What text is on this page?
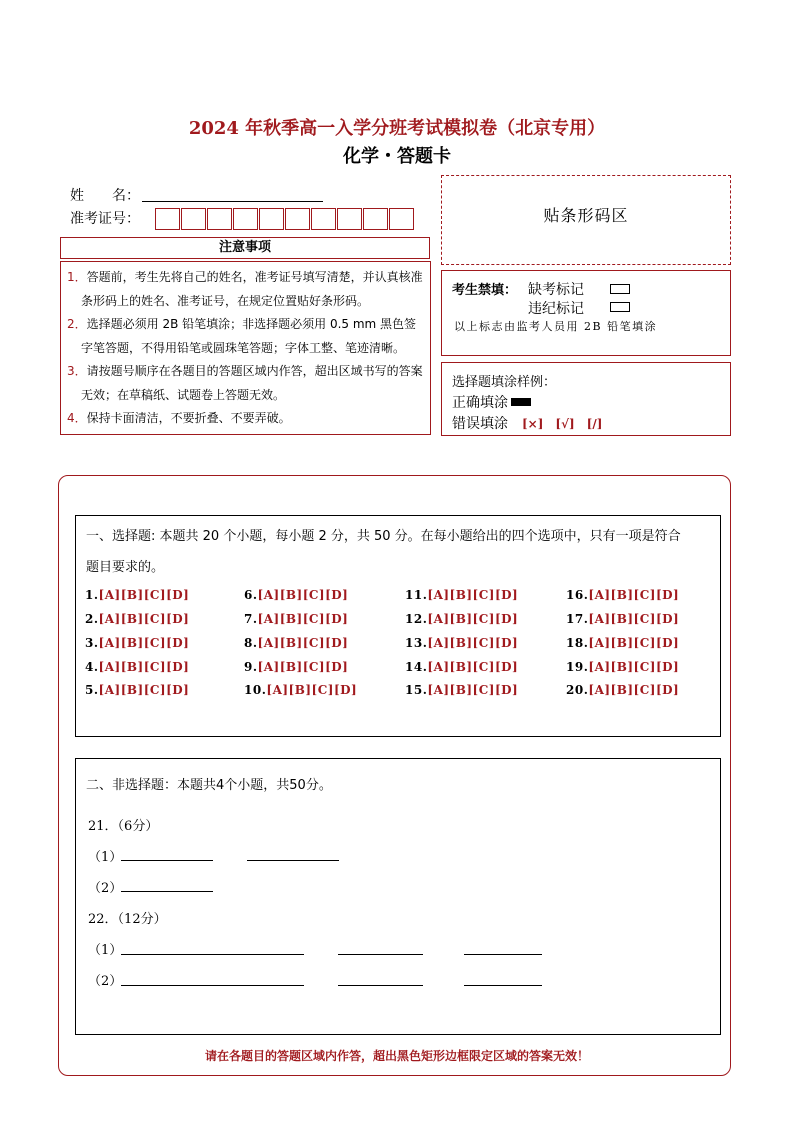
2024 年秋季高一入学分班考试模拟卷（北京专用）
化学・答题卡
姓　　名：
准考证号：
注意事项
1．答题前，考生先将自己的姓名，准考证号填写清楚，并认真核准条形码上的姓名、准考证号，在规定位置贴好条形码。
2．选择题必须用 2B 铅笔填涂；非选择题必须用 0.5 mm 黑色签字笔答题，不得用铅笔或圆珠笔答题；字体工整、笔迹清晰。
3．请按题号顺序在各题目的答题区域内作答，超出区域书写的答案无效；在草稿纸、试题卷上答题无效。
4．保持卡面清洁，不要折叠、不要弄破。
贴条形码区
考生禁填： 缺考标记
违纪标记
以上标志由监考人员用 2B 铅笔填涂
选择题填涂样例：
正确填涂
错误填涂 [×]　[√]　[/]
一、选择题: 本题共 20 个小题，每小题 2 分，共 50 分。在每小题给出的四个选项中，只有一项是符合
题目要求的。
1.[A][B][C][D]
2.[A][B][C][D]
3.[A][B][C][D]
4.[A][B][C][D]
5.[A][B][C][D]
6.[A][B][C][D]
7.[A][B][C][D]
8.[A][B][C][D]
9.[A][B][C][D]
10.[A][B][C][D]
11.[A][B][C][D]
12.[A][B][C][D]
13.[A][B][C][D]
14.[A][B][C][D]
15.[A][B][C][D]
16.[A][B][C][D]
17.[A][B][C][D]
18.[A][B][C][D]
19.[A][B][C][D]
20.[A][B][C][D]
二、非选择题：本题共4个小题，共50分。
21．（6分）
（1）
（2）
22．（12分）
（1）
（2）
请在各题目的答题区域内作答，超出黑色矩形边框限定区域的答案无效！
